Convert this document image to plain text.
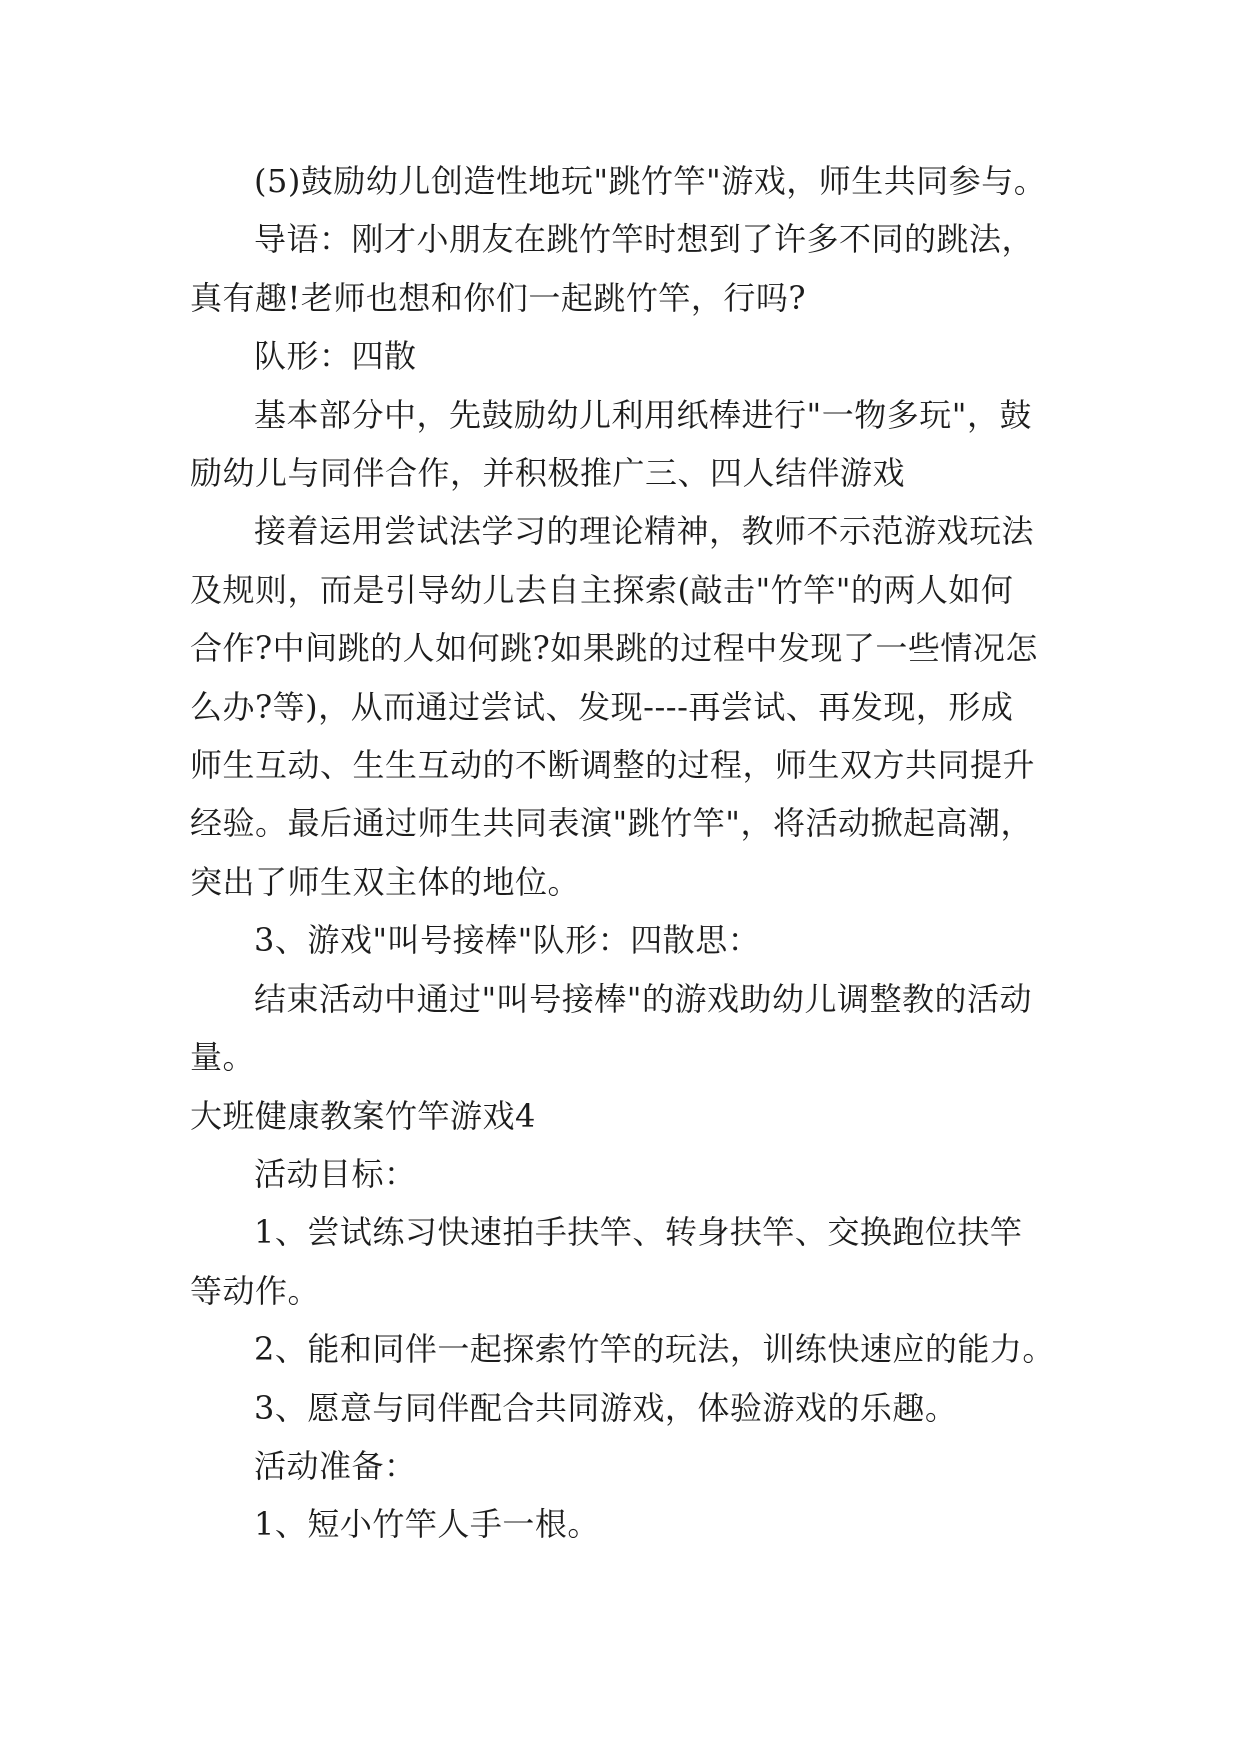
(5)鼓励幼儿创造性地玩"跳竹竿"游戏，师生共同参与。

导语：刚才小朋友在跳竹竿时想到了许多不同的跳法，

真有趣!老师也想和你们一起跳竹竿，行吗?

队形：四散

基本部分中，先鼓励幼儿利用纸棒进行"一物多玩"，鼓

励幼儿与同伴合作，并积极推广三、四人结伴游戏

接着运用尝试法学习的理论精神，教师不示范游戏玩法

及规则，而是引导幼儿去自主探索(敲击"竹竿"的两人如何

合作?中间跳的人如何跳?如果跳的过程中发现了一些情况怎

么办?等)，从而通过尝试、发现----再尝试、再发现，形成

师生互动、生生互动的不断调整的过程，师生双方共同提升

经验。最后通过师生共同表演"跳竹竿"，将活动掀起高潮，

突出了师生双主体的地位。

3、游戏"叫号接棒"队形：四散思：

结束活动中通过"叫号接棒"的游戏助幼儿调整教的活动

量。

大班健康教案竹竿游戏4

活动目标：

1、尝试练习快速拍手扶竿、转身扶竿、交换跑位扶竿

等动作。

2、能和同伴一起探索竹竿的玩法，训练快速应的能力。

3、愿意与同伴配合共同游戏，体验游戏的乐趣。

活动准备：

1、短小竹竿人手一根。
